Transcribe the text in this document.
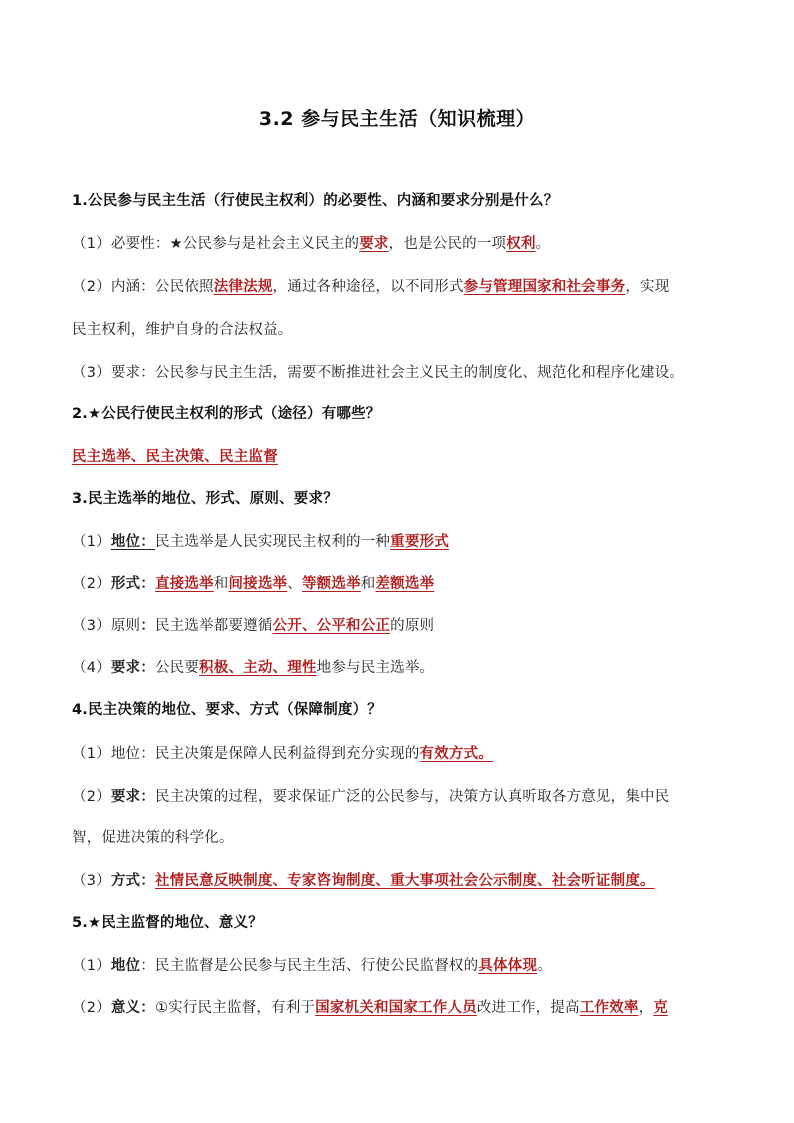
3.2 参与民主生活（知识梳理）
1.公民参与民主生活（行使民主权利）的必要性、内涵和要求分别是什么？
（1）必要性：★公民参与是社会主义民主的要求，也是公民的一项权利。
（2）内涵：公民依照法律法规，通过各种途径，以不同形式参与管理国家和社会事务，实现
民主权利，维护自身的合法权益。
（3）要求：公民参与民主生活，需要不断推进社会主义民主的制度化、规范化和程序化建设。
2.★公民行使民主权利的形式（途径）有哪些？
民主选举、民主决策、民主监督
3.民主选举的地位、形式、原则、要求？
（1）地位：民主选举是人民实现民主权利的一种重要形式
（2）形式：直接选举和间接选举、等额选举和差额选举
（3）原则：民主选举都要遵循公开、公平和公正的原则
（4）要求：公民要积极、主动、理性地参与民主选举。
4.民主决策的地位、要求、方式（保障制度）？
（1）地位：民主决策是保障人民利益得到充分实现的有效方式。
（2）要求：民主决策的过程，要求保证广泛的公民参与，决策方认真听取各方意见，集中民
智，促进决策的科学化。
（3）方式：社情民意反映制度、专家咨询制度、重大事项社会公示制度、社会听证制度。
5.★民主监督的地位、意义？
（1）地位：民主监督是公民参与民主生活、行使公民监督权的具体体现。
（2）意义：①实行民主监督，有利于国家机关和国家工作人员改进工作，提高工作效率，克
